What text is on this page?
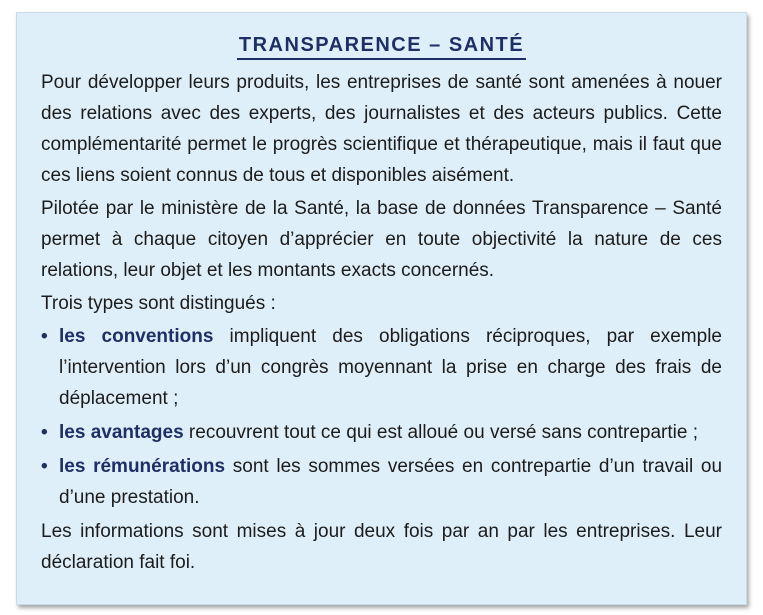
TRANSPARENCE – SANTÉ

Pour développer leurs produits, les entreprises de santé sont amenées à nouer des relations avec des experts, des journalistes et des acteurs publics. Cette complémentarité permet le progrès scientifique et thérapeutique, mais il faut que ces liens soient connus de tous et disponibles aisément.

Pilotée par le ministère de la Santé, la base de données Transparence – Santé permet à chaque citoyen d’apprécier en toute objectivité la nature de ces relations, leur objet et les montants exacts concernés.

Trois types sont distingués :

• les conventions impliquent des obligations réciproques, par exemple l’intervention lors d’un congrès moyennant la prise en charge des frais de déplacement ;
• les avantages recouvrent tout ce qui est alloué ou versé sans contrepartie ;
• les rémunérations sont les sommes versées en contrepartie d’un travail ou d’une prestation.

Les informations sont mises à jour deux fois par an par les entreprises. Leur déclaration fait foi.
